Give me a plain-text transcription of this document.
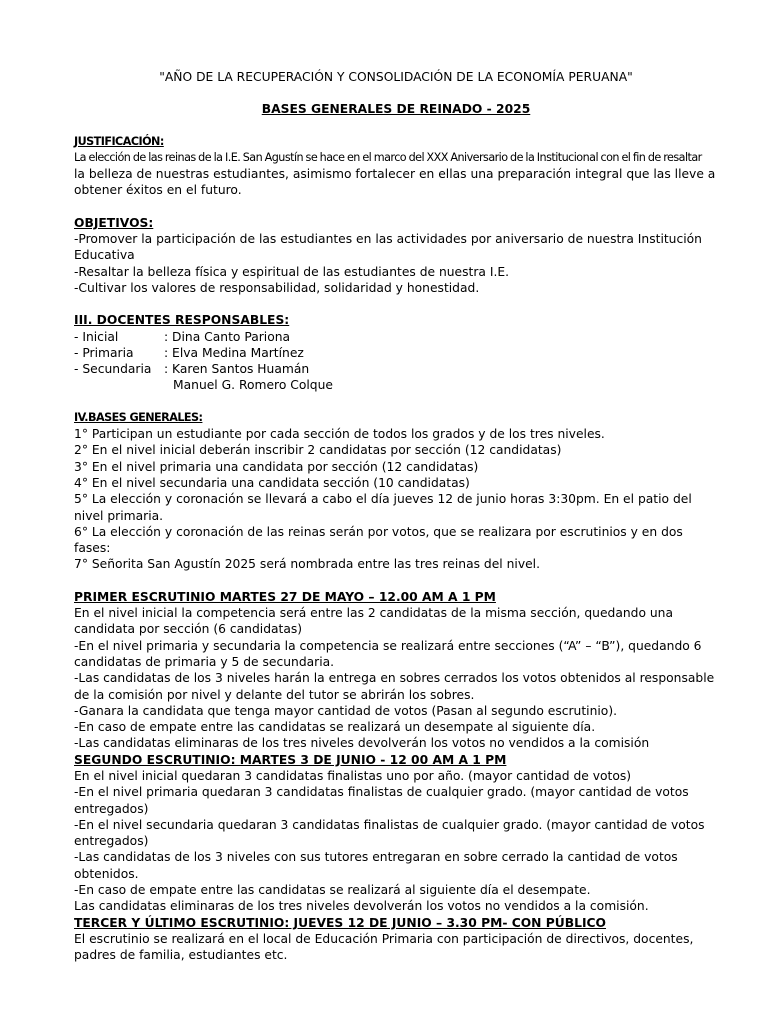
"AÑO DE LA RECUPERACIÓN Y CONSOLIDACIÓN DE LA ECONOMÍA PERUANA"

BASES GENERALES DE REINADO - 2025

JUSTIFICACIÓN:

La elección de las reinas de la I.E. San Agustín se hace en el marco del XXX Aniversario de la Institucional con el fin de resaltar

la belleza de nuestras estudiantes, asimismo fortalecer en ellas una preparación integral que las lleve a

obtener éxitos en el futuro.

OBJETIVOS:

-Promover la participación de las estudiantes en las actividades por aniversario de nuestra Institución Educativa

-Resaltar la belleza física y espiritual de las estudiantes de nuestra I.E.

-Cultivar los valores de responsabilidad, solidaridad y honestidad.

III. DOCENTES RESPONSABLES:

- Inicial	: Dina Canto Pariona
- Primaria	: Elva Medina Martínez
- Secundaria	: Karen Santos Huamán

Manuel G. Romero Colque

IV.BASES GENERALES:

1° Participan un estudiante por cada sección de todos los grados y de los tres niveles.

2° En el nivel inicial deberán inscribir 2 candidatas por sección (12 candidatas)

3° En el nivel primaria una candidata por sección (12 candidatas)

4° En el nivel secundaria una candidata sección (10 candidatas)

5° La elección y coronación se llevará a cabo el día jueves 12 de junio horas 3:30pm. En el patio del nivel primaria.

6° La elección y coronación de las reinas serán por votos, que se realizara por escrutinios y en dos fases:

7° Señorita San Agustín 2025 será nombrada entre las tres reinas del nivel.

PRIMER ESCRUTINIO MARTES 27 DE MAYO – 12.00 AM A 1 PM

En el nivel inicial la competencia será entre las 2 candidatas de la misma sección, quedando una candidata por sección (6 candidatas)

-En el nivel primaria y secundaria la competencia se realizará entre secciones (“A” – “B”), quedando 6 candidatas de primaria y 5 de secundaria.

-Las candidatas de los 3 niveles harán la entrega en sobres cerrados los votos obtenidos al responsable de la comisión por nivel y delante del tutor se abrirán los sobres.

-Ganara la candidata que tenga mayor cantidad de votos (Pasan al segundo escrutinio).

-En caso de empate entre las candidatas se realizará un desempate al siguiente día.

-Las candidatas eliminaras de los tres niveles devolverán los votos no vendidos a la comisión

SEGUNDO ESCRUTINIO: MARTES 3 DE JUNIO - 12 00 AM A 1 PM

En el nivel inicial quedaran 3 candidatas finalistas uno por año. (mayor cantidad de votos)

-En el nivel primaria quedaran 3 candidatas finalistas de cualquier grado. (mayor cantidad de votos entregados)

-En el nivel secundaria quedaran 3 candidatas finalistas de cualquier grado. (mayor cantidad de votos entregados)

-Las candidatas de los 3 niveles con sus tutores entregaran en sobre cerrado la cantidad de votos obtenidos.

-En caso de empate entre las candidatas se realizará al siguiente día el desempate.

Las candidatas eliminaras de los tres niveles devolverán los votos no vendidos a la comisión.

TERCER Y ÚLTIMO ESCRUTINIO: JUEVES 12 DE JUNIO – 3.30 PM- CON PÚBLICO

El escrutinio se realizará en el local de Educación Primaria con participación de directivos, docentes, padres de familia, estudiantes etc.
